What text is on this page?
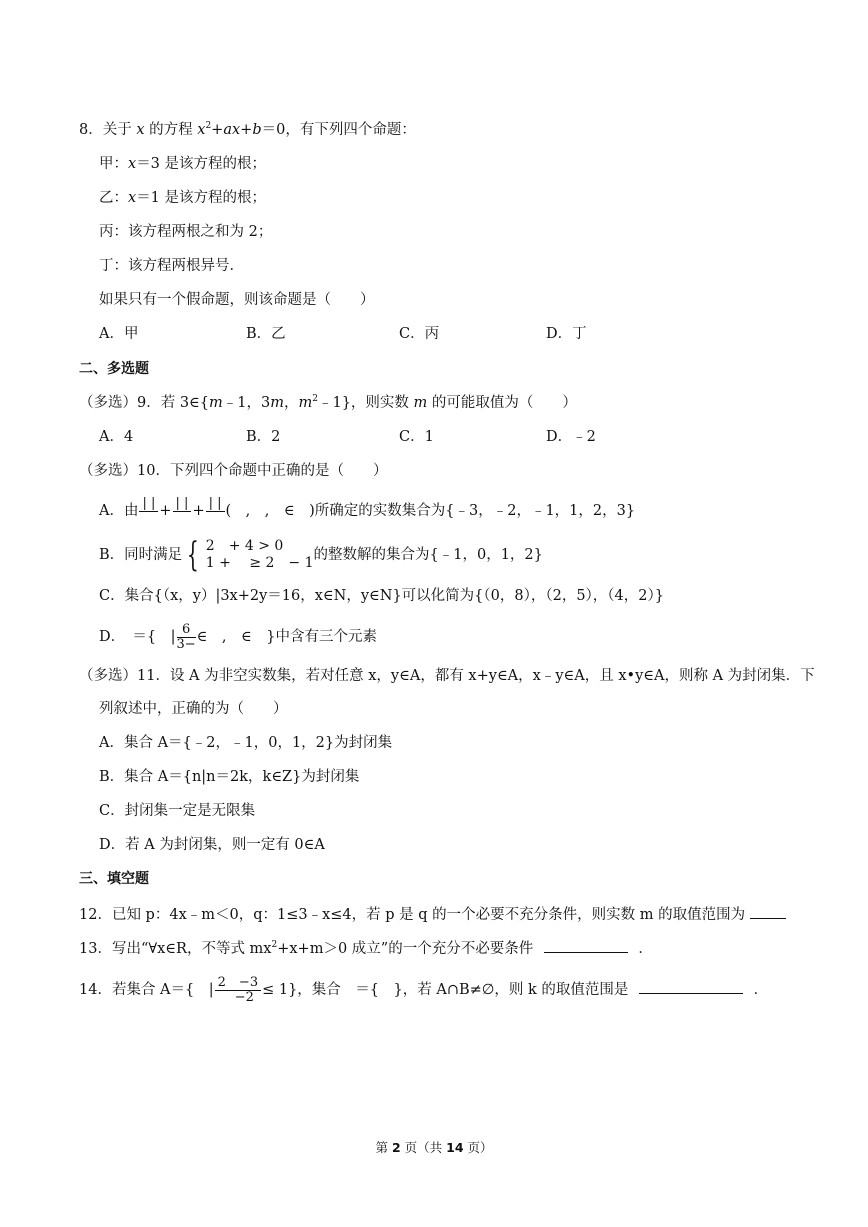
8．关于 x 的方程 $x^2+ax+b=0$，有下列四个命题：
甲：x＝3 是该方程的根；
乙：x＝1 是该方程的根；
丙：该方程两根之和为 2；
丁：该方程两根异号．
如果只有一个假命题，则该命题是（　　）
A．甲	B．乙	C．丙	D．丁
二、多选题
（多选）9．若 3∈{m﹣1，3m，$m^2﹣1$}，则实数 m 的可能取值为（　　）
A．4	B．2	C．1	D．﹣2
（多选）10．下列四个命题中正确的是（　　）
A．由 | | + | | + | | (　,　,　∈　)所确定的实数集合为{﹣3，﹣2，﹣1，1，2，3}
B．同时满足 { 2　+ 4 > 0
1 +　 ≥ 2　− 1 的整数解的集合为{﹣1，0，1，2}
C．集合{（x，y）|3x+2y＝16，x∈N，y∈N}可以化简为{（0，8），（2，5），（4，2）}
D．　＝{　| $\frac{6}{3-}$ ∈　,　∈　}中含有三个元素
（多选）11．设 A 为非空实数集，若对任意 x，y∈A，都有 x+y∈A，x﹣y∈A，且 x•y∈A，则称 A 为封闭集．下
列叙述中，正确的为（　　）
A．集合 A＝{﹣2，﹣1，0，1，2}为封闭集
B．集合 A＝{n|n＝2k，k∈Z}为封闭集
C．封闭集一定是无限集
D．若 A 为封闭集，则一定有 0∈A
三、填空题
12．已知 p：4x﹣m＜0，q：1≤3﹣x≤4，若 p 是 q 的一个必要不充分条件，则实数 m 的取值范围为
13．写出“∀x∈R，不等式 $mx^2+x+m>0$ 成立”的一个充分不必要条件	．
14．若集合 A＝{　| $\frac{2 -3}{-2} \le 1$}，集合　＝{　}，若 A∩B≠∅，则 k 的取值范围是	．
第 2 页（共 14 页）
